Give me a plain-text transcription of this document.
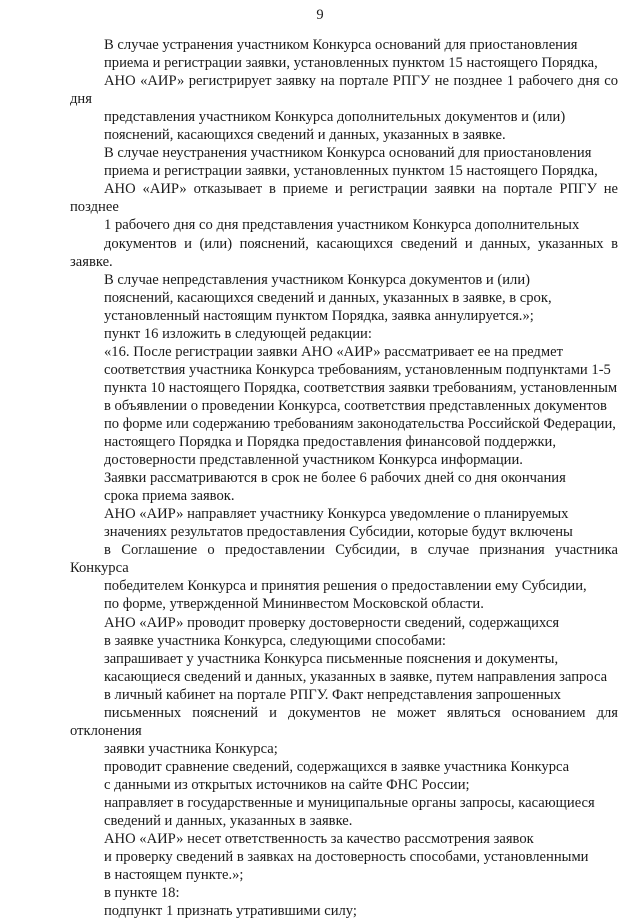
9

В случае устранения участником Конкурса оснований для приостановления
приема и регистрации заявки, установленных пунктом 15 настоящего Порядка,
АНО «АИР» регистрирует заявку на портале РПГУ не позднее 1 рабочего дня со дня
представления участником Конкурса дополнительных документов и (или)
пояснений, касающихся сведений и данных, указанных в заявке.

В случае неустранения участником Конкурса оснований для приостановления
приема и регистрации заявки, установленных пунктом 15 настоящего Порядка,
АНО «АИР» отказывает в приеме и регистрации заявки на портале РПГУ не позднее
1 рабочего дня со дня представления участником Конкурса дополнительных
документов и (или) пояснений, касающихся сведений и данных, указанных в заявке.

В случае непредставления участником Конкурса документов и (или)
пояснений, касающихся сведений и данных, указанных в заявке, в срок,
установленный настоящим пунктом Порядка, заявка аннулируется.»;

пункт 16 изложить в следующей редакции:

«16. После регистрации заявки АНО «АИР» рассматривает ее на предмет
соответствия участника Конкурса требованиям, установленным подпунктами 1-5
пункта 10 настоящего Порядка, соответствия заявки требованиям, установленным
в объявлении о проведении Конкурса, соответствия представленных документов
по форме или содержанию требованиям законодательства Российской Федерации,
настоящего Порядка и Порядка предоставления финансовой поддержки,
достоверности представленной участником Конкурса информации.

Заявки рассматриваются в срок не более 6 рабочих дней со дня окончания
срока приема заявок.

АНО «АИР» направляет участнику Конкурса уведомление о планируемых
значениях результатов предоставления Субсидии, которые будут включены
в Соглашение о предоставлении Субсидии, в случае признания участника Конкурса
победителем Конкурса и принятия решения о предоставлении ему Субсидии,
по форме, утвержденной Мининвестом Московской области.

АНО «АИР» проводит проверку достоверности сведений, содержащихся
в заявке участника Конкурса, следующими способами:

запрашивает у участника Конкурса письменные пояснения и документы,
касающиеся сведений и данных, указанных в заявке, путем направления запроса
в личный кабинет на портале РПГУ. Факт непредставления запрошенных
письменных пояснений и документов не может являться основанием для отклонения
заявки участника Конкурса;

проводит сравнение сведений, содержащихся в заявке участника Конкурса
с данными из открытых источников на сайте ФНС России;

направляет в государственные и муниципальные органы запросы, касающиеся
сведений и данных, указанных в заявке.

АНО «АИР» несет ответственность за качество рассмотрения заявок
и проверку сведений в заявках на достоверность способами, установленными
в настоящем пункте.»;

в пункте 18:

подпункт 1 признать утратившими силу;
